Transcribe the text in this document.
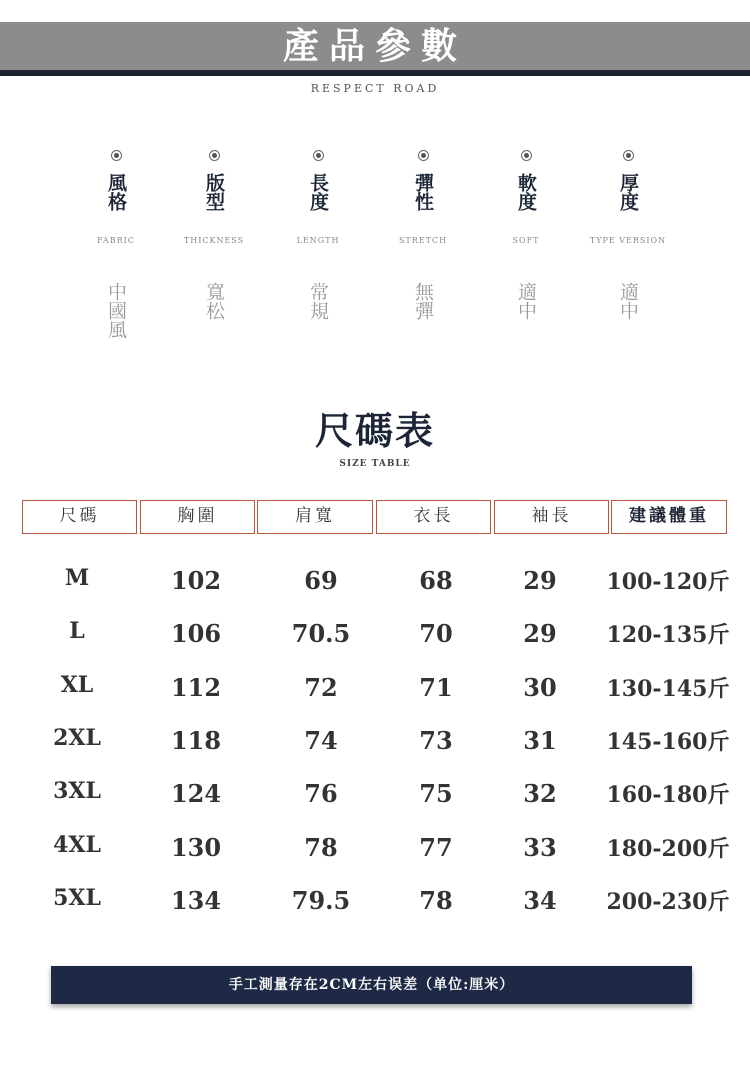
產品參數
RESPECT ROAD
風格
FABRIC
中國風
版型
THICKNESS
寬松
長度
LENGTH
常規
彈性
STRETCH
無彈
軟度
SOFT
適中
厚度
TYPE VERSION
適中
尺碼表
SIZE TABLE
尺碼	胸圍	肩寬	衣長	袖長	建議體重
M	102	69	68	29	100-120斤
L	106	70.5	70	29	120-135斤
XL	112	72	71	30	130-145斤
2XL	118	74	73	31	145-160斤
3XL	124	76	75	32	160-180斤
4XL	130	78	77	33	180-200斤
5XL	134	79.5	78	34	200-230斤
手工測量存在2CM左右误差（单位:厘米）
